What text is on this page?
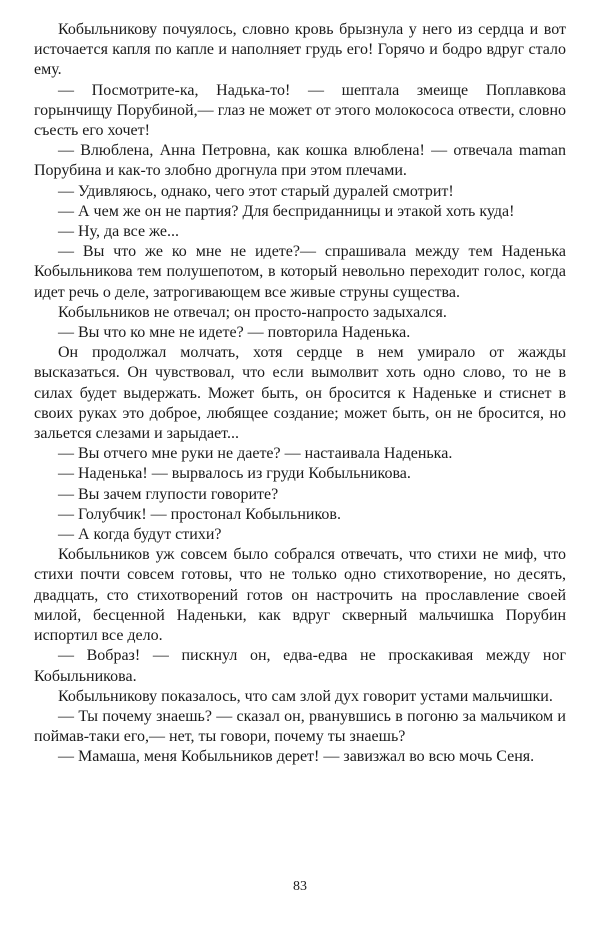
Кобыльникову почуялось, словно кровь брызнула у него из сердца и вот источается капля по капле и наполняет грудь его! Горячо и бодро вдруг стало ему.

— Посмотрите-ка, Надька-то! — шептала змеище Поплавкова горынчищу Порубиной,— глаз не может от этого молокососа отвести, словно съесть его хочет!

— Влюблена, Анна Петровна, как кошка влюблена! — отвечала maman Порубина и как-то злобно дрогнула при этом плечами.

— Удивляюсь, однако, чего этот старый дуралей смотрит!

— А чем же он не партия? Для бесприданницы и этакой хоть куда!

— Ну, да все же...

— Вы что же ко мне не идете?— спрашивала между тем Наденька Кобыльникова тем полушепотом, в который невольно переходит голос, когда идет речь о деле, затрогивающем все живые струны существа.

Кобыльников не отвечал; он просто-напросто задыхался.

— Вы что ко мне не идете? — повторила Наденька.

Он продолжал молчать, хотя сердце в нем умирало от жажды высказаться. Он чувствовал, что если вымолвит хоть одно слово, то не в силах будет выдержать. Может быть, он бросится к Наденьке и стиснет в своих руках это доброе, любящее создание; может быть, он не бросится, но зальется слезами и зарыдает...

— Вы отчего мне руки не даете? — настаивала Наденька.

— Наденька! — вырвалось из груди Кобыльникова.

— Вы зачем глупости говорите?

— Голубчик! — простонал Кобыльников.

— А когда будут стихи?

Кобыльников уж совсем было собрался отвечать, что стихи не миф, что стихи почти совсем готовы, что не только одно стихотворение, но десять, двадцать, сто стихотворений готов он настрочить на прославление своей милой, бесценной Наденьки, как вдруг скверный мальчишка Порубин испортил все дело.

— Вобраз! — пискнул он, едва-едва не проскакивая между ног Кобыльникова.

Кобыльникову показалось, что сам злой дух говорит устами мальчишки.

— Ты почему знаешь? — сказал он, рванувшись в погоню за мальчиком и поймав-таки его,— нет, ты говори, почему ты знаешь?

— Мамаша, меня Кобыльников дерет! — завизжал во всю мочь Сеня.

83
